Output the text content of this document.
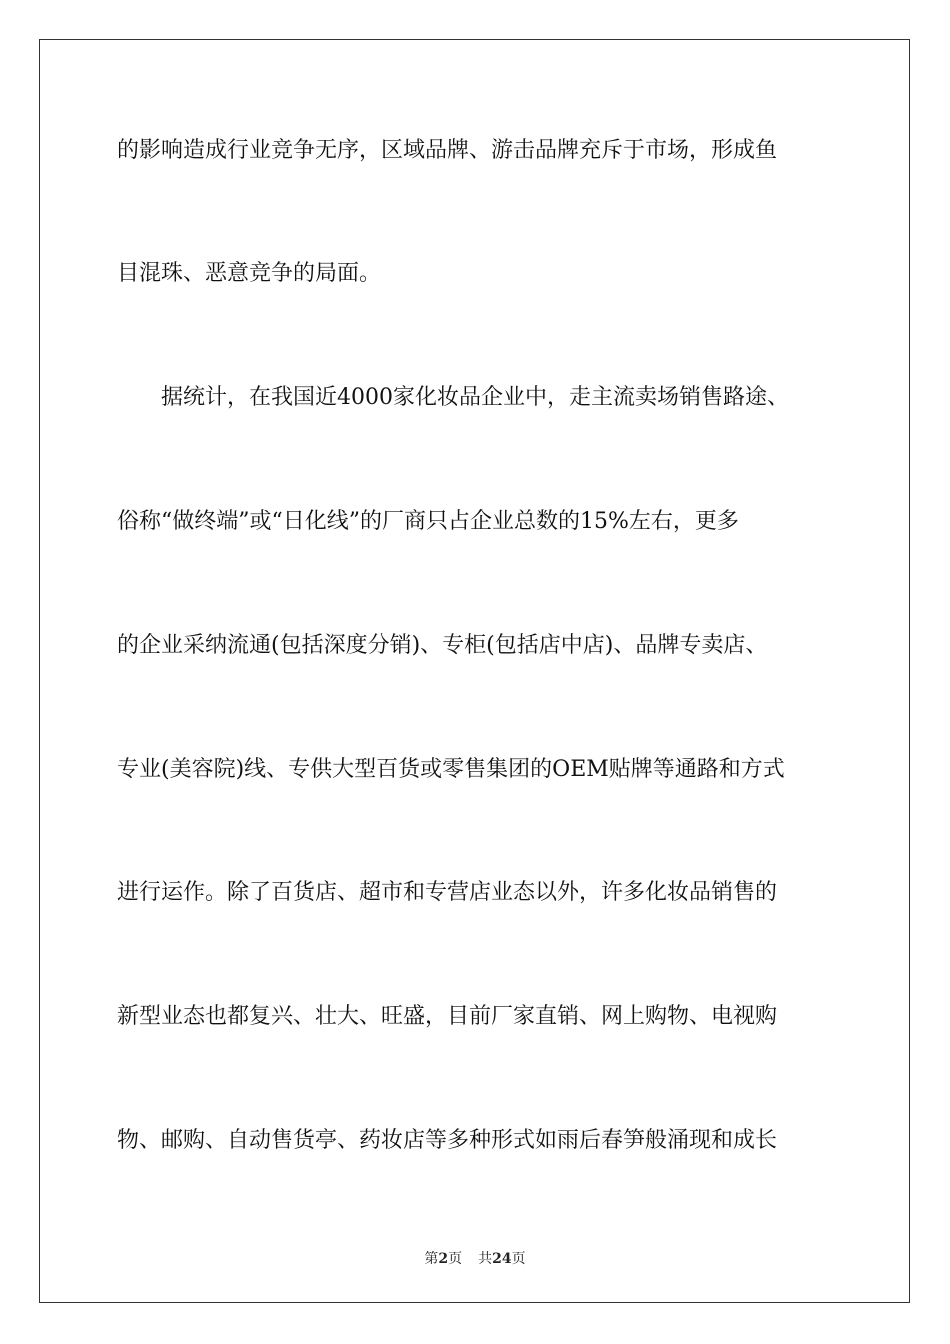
的影响造成行业竞争无序，区域品牌、游击品牌充斥于市场，形成鱼
目混珠、恶意竞争的局面。
　　据统计，在我国近4000家化妆品企业中，走主流卖场销售路途、
俗称“做终端”或“日化线”的厂商只占企业总数的15%左右，更多
的企业采纳流通(包括深度分销)、专柜(包括店中店)、品牌专卖店、
专业(美容院)线、专供大型百货或零售集团的OEM贴牌等通路和方式
进行运作。除了百货店、超市和专营店业态以外，许多化妆品销售的
新型业态也都复兴、壮大、旺盛，目前厂家直销、网上购物、电视购
物、邮购、自动售货亭、药妆店等多种形式如雨后春笋般涌现和成长
第2页 共24页
